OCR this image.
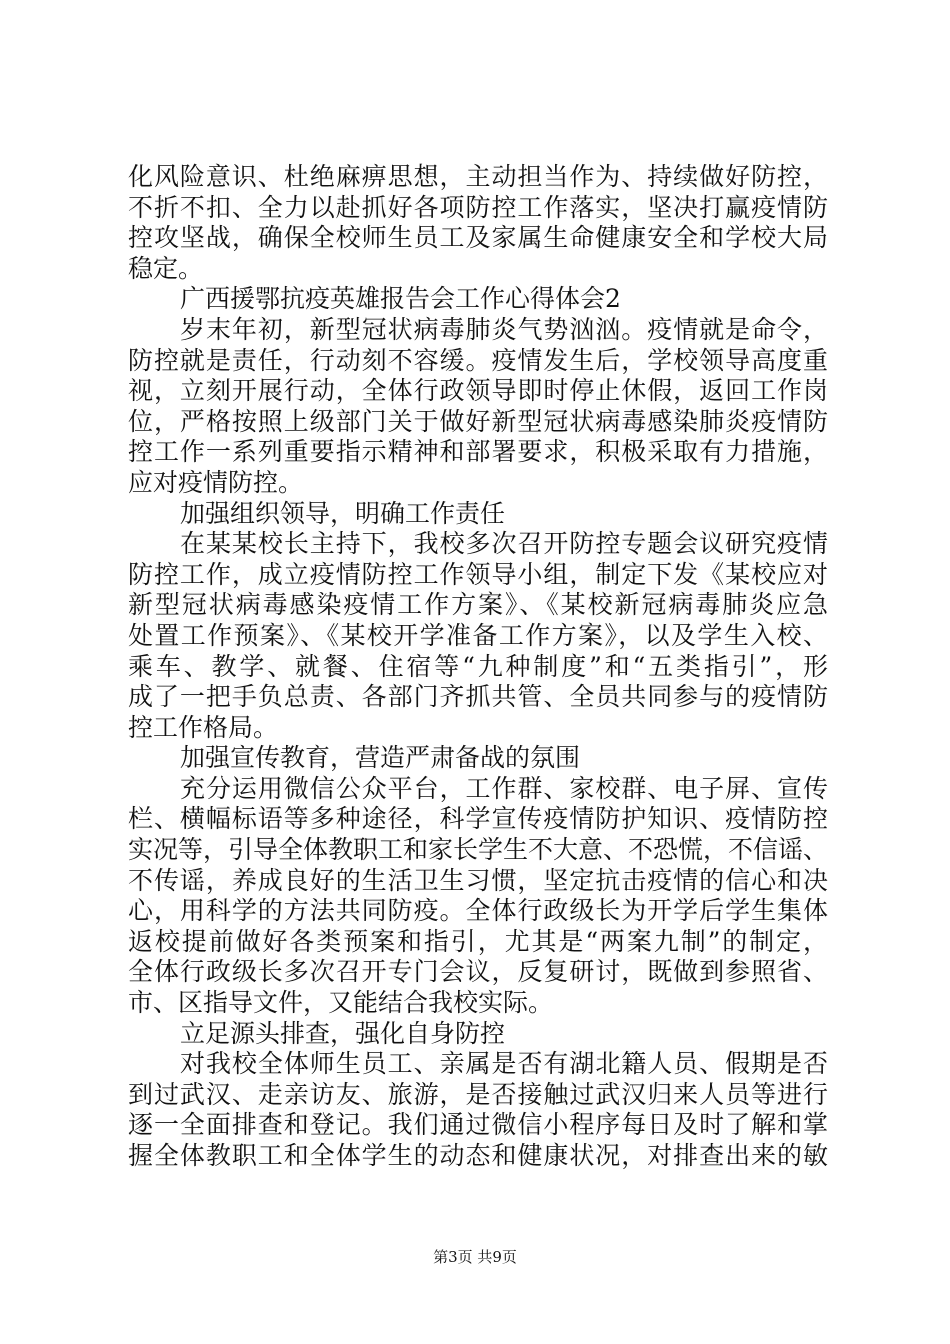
化风险意识、杜绝麻痹思想，主动担当作为、持续做好防控，
不折不扣、全力以赴抓好各项防控工作落实，坚决打赢疫情防
控攻坚战，确保全校师生员工及家属生命健康安全和学校大局
稳定。
广西援鄂抗疫英雄报告会工作心得体会2
岁末年初，新型冠状病毒肺炎气势汹汹。疫情就是命令，
防控就是责任，行动刻不容缓。疫情发生后，学校领导高度重
视，立刻开展行动，全体行政领导即时停止休假，返回工作岗
位，严格按照上级部门关于做好新型冠状病毒感染肺炎疫情防
控工作一系列重要指示精神和部署要求，积极采取有力措施，
应对疫情防控。
加强组织领导，明确工作责任
在某某校长主持下，我校多次召开防控专题会议研究疫情
防控工作，成立疫情防控工作领导小组，制定下发《某校应对
新型冠状病毒感染疫情工作方案》、《某校新冠病毒肺炎应急
处置工作预案》、《某校开学准备工作方案》，以及学生入校、
乘车、教学、就餐、住宿等“九种制度”和“五类指引”，形
成了一把手负总责、各部门齐抓共管、全员共同参与的疫情防
控工作格局。
加强宣传教育，营造严肃备战的氛围
充分运用微信公众平台，工作群、家校群、电子屏、宣传
栏、横幅标语等多种途径，科学宣传疫情防护知识、疫情防控
实况等，引导全体教职工和家长学生不大意、不恐慌，不信谣、
不传谣，养成良好的生活卫生习惯，坚定抗击疫情的信心和决
心，用科学的方法共同防疫。全体行政级长为开学后学生集体
返校提前做好各类预案和指引，尤其是“两案九制”的制定，
全体行政级长多次召开专门会议，反复研讨，既做到参照省、
市、区指导文件，又能结合我校实际。
立足源头排查，强化自身防控
对我校全体师生员工、亲属是否有湖北籍人员、假期是否
到过武汉、走亲访友、旅游，是否接触过武汉归来人员等进行
逐一全面排查和登记。我们通过微信小程序每日及时了解和掌
握全体教职工和全体学生的动态和健康状况，对排查出来的敏
第3页 共9页
